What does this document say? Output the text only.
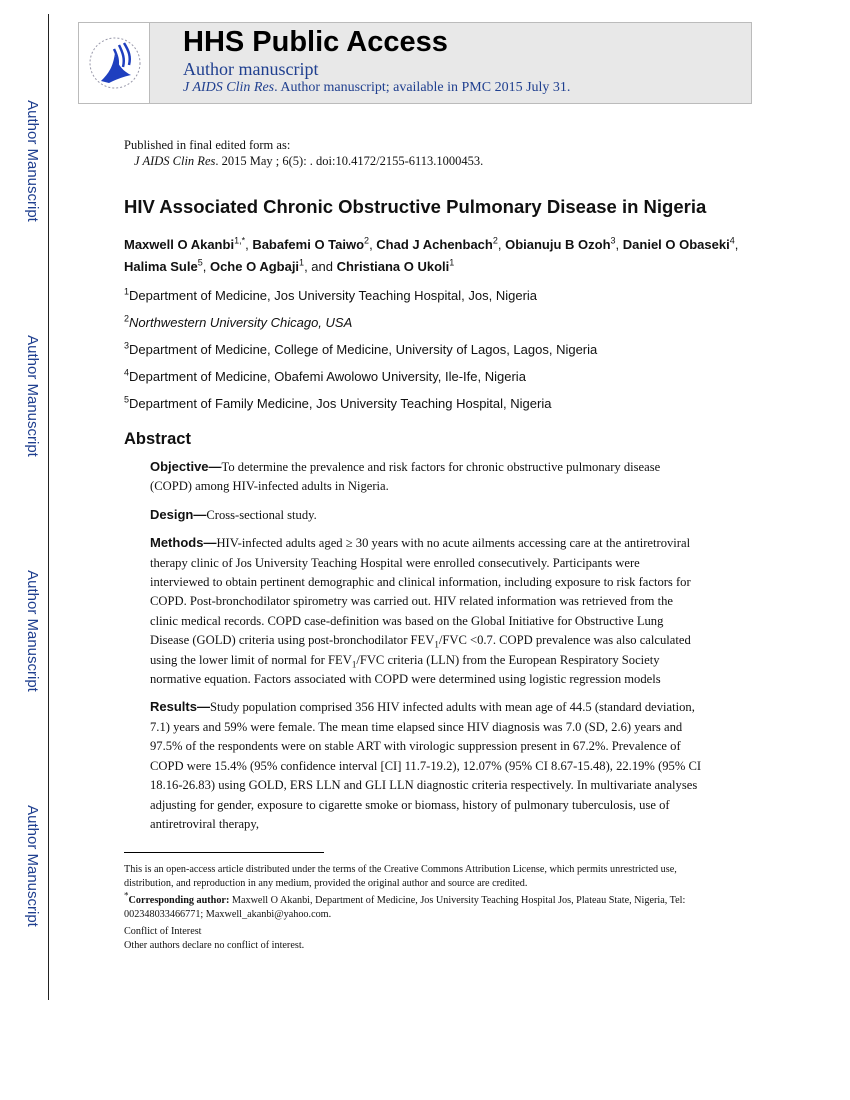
Author Manuscript
Author Manuscript
Author Manuscript
Author Manuscript
HHS Public Access
Author manuscript
J AIDS Clin Res. Author manuscript; available in PMC 2015 July 31.
Published in final edited form as:
J AIDS Clin Res. 2015 May ; 6(5): . doi:10.4172/2155-6113.1000453.
HIV Associated Chronic Obstructive Pulmonary Disease in Nigeria
Maxwell O Akanbi$^{1,*}$, Babafemi O Taiwo$^2$, Chad J Achenbach$^2$, Obianuju B Ozoh$^3$, Daniel O Obaseki$^4$, Halima Sule$^5$, Oche O Agbaji$^1$, and Christiana O Ukoli$^1$
$^1$Department of Medicine, Jos University Teaching Hospital, Jos, Nigeria
$^2$Northwestern University Chicago, USA
$^3$Department of Medicine, College of Medicine, University of Lagos, Lagos, Nigeria
$^4$Department of Medicine, Obafemi Awolowo University, Ile-Ife, Nigeria
$^5$Department of Family Medicine, Jos University Teaching Hospital, Nigeria
Abstract
Objective—To determine the prevalence and risk factors for chronic obstructive pulmonary disease (COPD) among HIV-infected adults in Nigeria.
Design—Cross-sectional study.
Methods—HIV-infected adults aged ≥ 30 years with no acute ailments accessing care at the antiretroviral therapy clinic of Jos University Teaching Hospital were enrolled consecutively. Participants were interviewed to obtain pertinent demographic and clinical information, including exposure to risk factors for COPD. Post-bronchodilator spirometry was carried out. HIV related information was retrieved from the clinic medical records. COPD case-definition was based on the Global Initiative for Obstructive Lung Disease (GOLD) criteria using post-bronchodilator $FEV_1$/FVC <0.7. COPD prevalence was also calculated using the lower limit of normal for $FEV_1$/FVC criteria (LLN) from the European Respiratory Society normative equation. Factors associated with COPD were determined using logistic regression models
Results—Study population comprised 356 HIV infected adults with mean age of 44.5 (standard deviation, 7.1) years and 59% were female. The mean time elapsed since HIV diagnosis was 7.0 (SD, 2.6) years and 97.5% of the respondents were on stable ART with virologic suppression present in 67.2%. Prevalence of COPD were 15.4% (95% confidence interval [CI] 11.7-19.2), 12.07% (95% CI 8.67-15.48), 22.19% (95% CI 18.16-26.83) using GOLD, ERS LLN and GLI LLN diagnostic criteria respectively. In multivariate analyses adjusting for gender, exposure to cigarette smoke or biomass, history of pulmonary tuberculosis, use of antiretroviral therapy,
This is an open-access article distributed under the terms of the Creative Commons Attribution License, which permits unrestricted use, distribution, and reproduction in any medium, provided the original author and source are credited.
*Corresponding author: Maxwell O Akanbi, Department of Medicine, Jos University Teaching Hospital Jos, Plateau State, Nigeria, Tel: 002348033466771; Maxwell_akanbi@yahoo.com.
Conflict of Interest
Other authors declare no conflict of interest.
